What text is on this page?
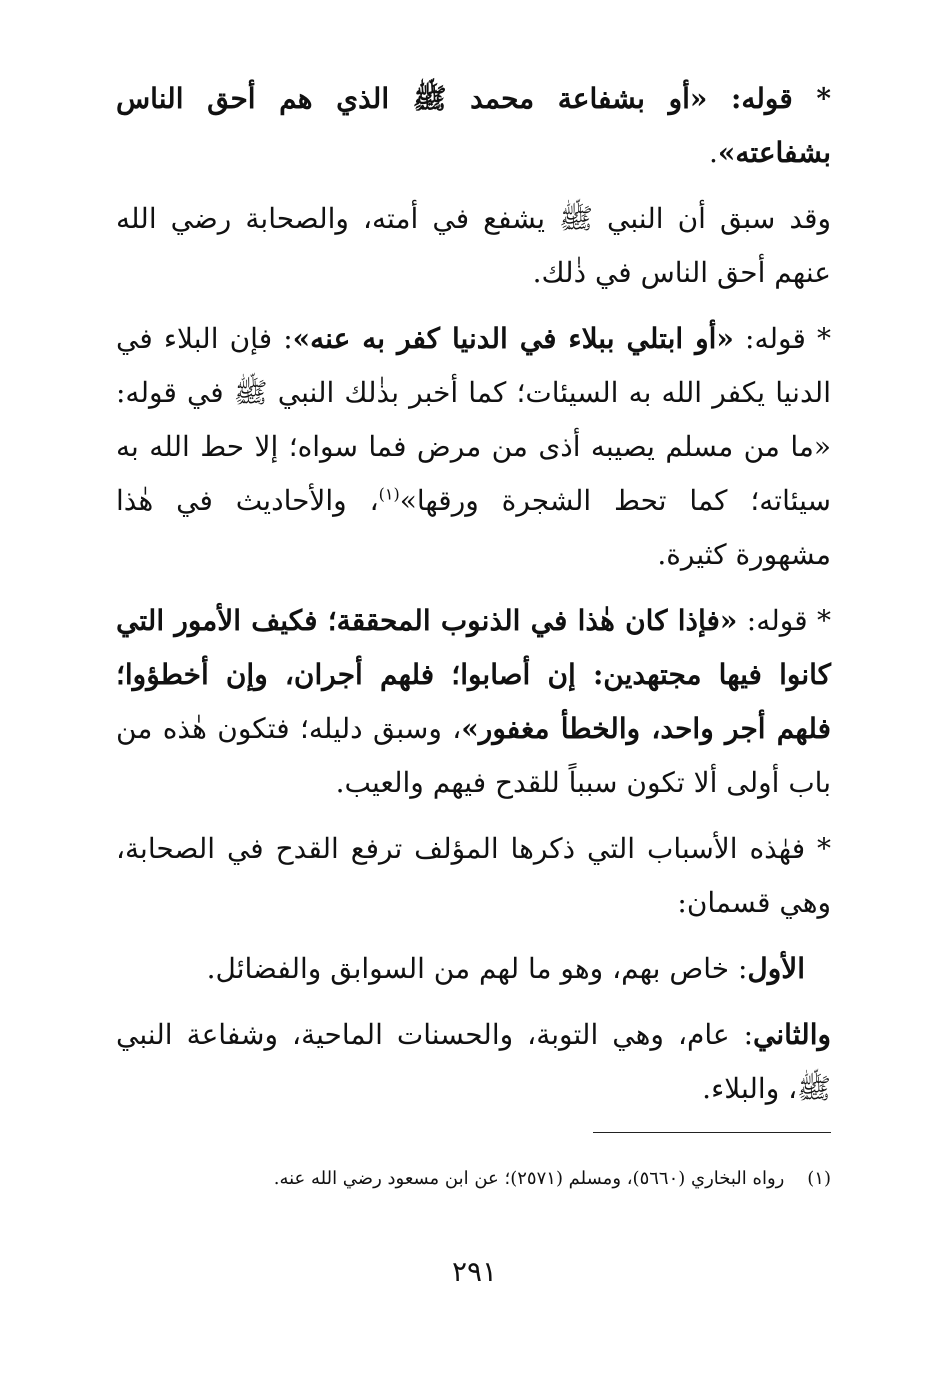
* قوله: «أو بشفاعة محمد ﷺ الذي هم أحق الناس بشفاعته».

وقد سبق أن النبي ﷺ يشفع في أمته، والصحابة رضي الله عنهم أحق الناس في ذٰلك.

* قوله: «أو ابتلي ببلاء في الدنيا كفر به عنه»: فإن البلاء في الدنيا يكفر الله به السيئات؛ كما أخبر بذٰلك النبي ﷺ في قوله: «ما من مسلم يصيبه أذى من مرض فما سواه؛ إلا حط الله به سيئاته؛ كما تحط الشجرة ورقها»$^{(١)}$، والأحاديث في هٰذا مشهورة كثيرة.

* قوله: «فإذا كان هٰذا في الذنوب المحققة؛ فكيف الأمور التي كانوا فيها مجتهدين: إن أصابوا؛ فلهم أجران، وإن أخطؤوا؛ فلهم أجر واحد، والخطأ مغفور»، وسبق دليله؛ فتكون هٰذه من باب أولى ألا تكون سبباً للقدح فيهم والعيب.

* فهٰذه الأسباب التي ذكرها المؤلف ترفع القدح في الصحابة، وهي قسمان:

الأول: خاص بهم، وهو ما لهم من السوابق والفضائل.

والثاني: عام، وهي التوبة، والحسنات الماحية، وشفاعة النبي ﷺ، والبلاء.

(١)    رواه البخاري (٥٦٦٠)، ومسلم (٢٥٧١)؛ عن ابن مسعود رضي الله عنه.
٢٩١
